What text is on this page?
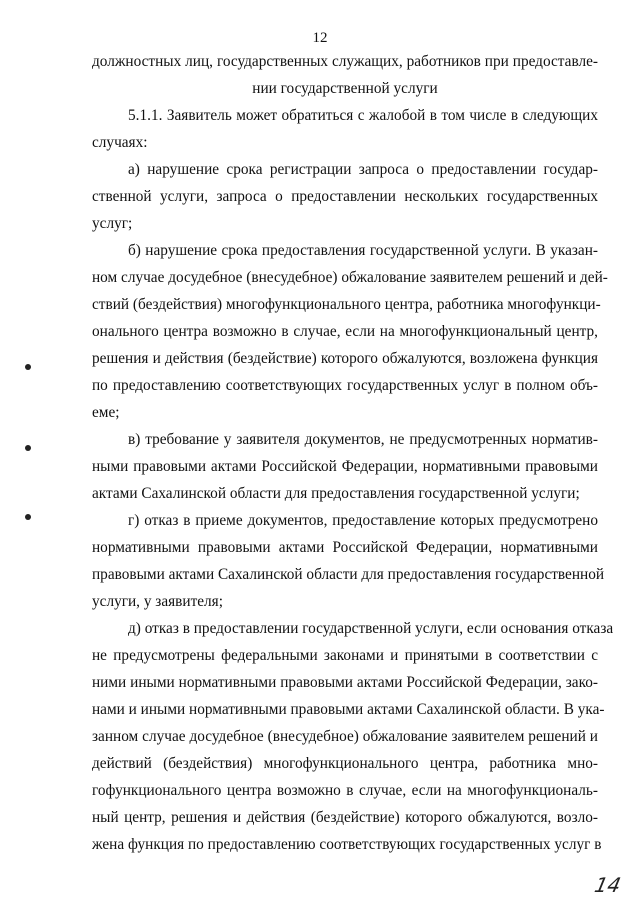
12
должностных лиц, государственных служащих, работников при предоставле-
нии государственной услуги
5.1.1. Заявитель может обратиться с жалобой в том числе в следующих
случаях:
а) нарушение срока регистрации запроса о предоставлении государ-
ственной услуги, запроса о предоставлении нескольких государственных
услуг;
б) нарушение срока предоставления государственной услуги. В указан-
ном случае досудебное (внесудебное) обжалование заявителем решений и дей-
ствий (бездействия) многофункционального центра, работника многофункци-
онального центра возможно в случае, если на многофункциональный центр,
решения и действия (бездействие) которого обжалуются, возложена функция
по предоставлению соответствующих государственных услуг в полном объ-
еме;
в) требование у заявителя документов, не предусмотренных норматив-
ными правовыми актами Российской Федерации, нормативными правовыми
актами Сахалинской области для предоставления государственной услуги;
г) отказ в приеме документов, предоставление которых предусмотрено
нормативными правовыми актами Российской Федерации, нормативными
правовыми актами Сахалинской области для предоставления государственной
услуги, у заявителя;
д) отказ в предоставлении государственной услуги, если основания отказа
не предусмотрены федеральными законами и принятыми в соответствии с
ними иными нормативными правовыми актами Российской Федерации, зако-
нами и иными нормативными правовыми актами Сахалинской области. В ука-
занном случае досудебное (внесудебное) обжалование заявителем решений и
действий (бездействия) многофункционального центра, работника мно-
гофункционального центра возможно в случае, если на многофункциональ-
ный центр, решения и действия (бездействие) которого обжалуются, возло-
жена функция по предоставлению соответствующих государственных услуг в
14
